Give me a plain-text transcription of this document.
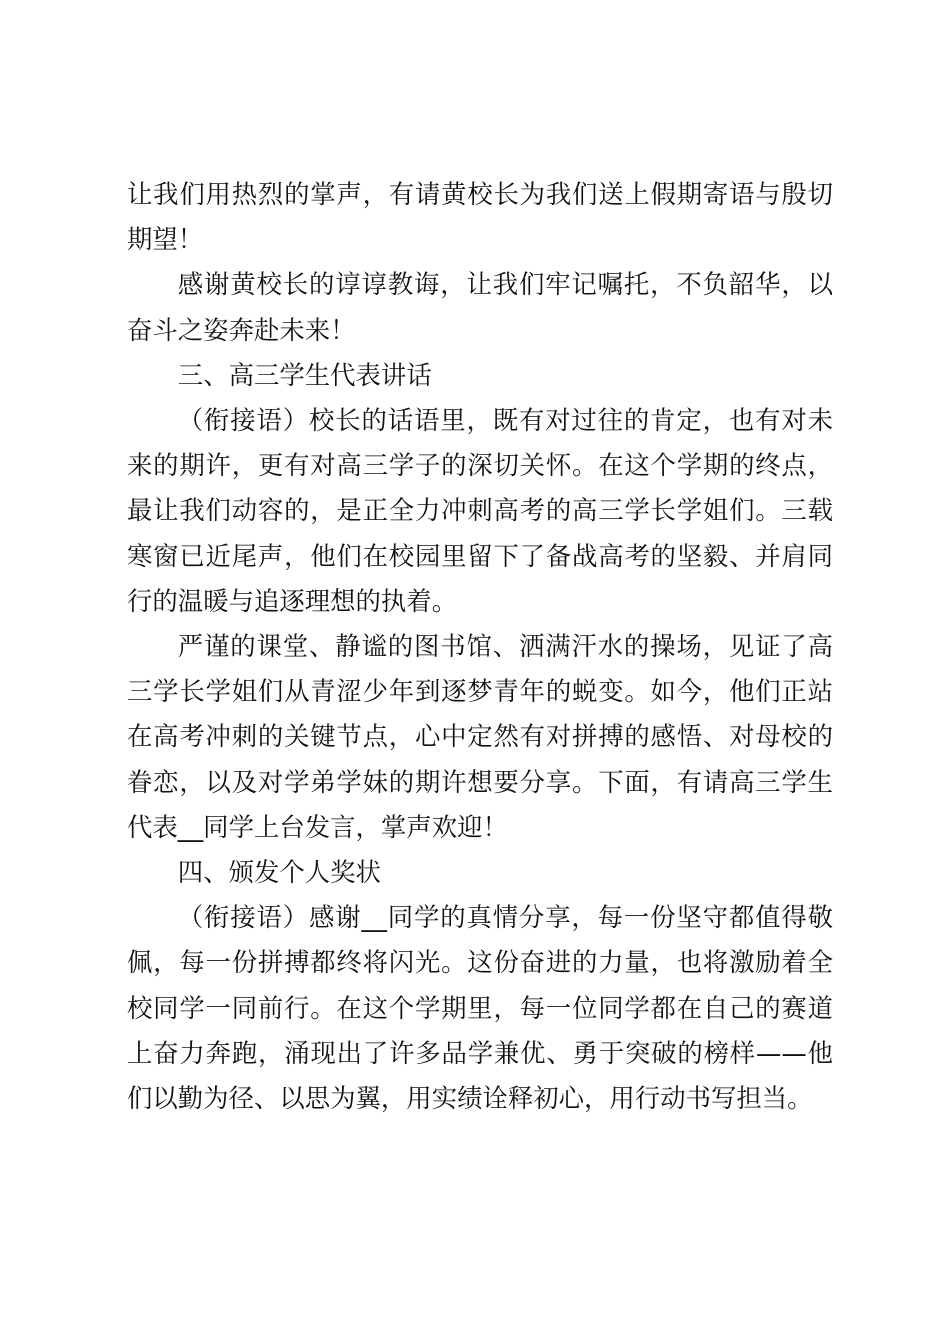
让我们用热烈的掌声，有请黄校长为我们送上假期寄语与殷切期望！

感谢黄校长的谆谆教诲，让我们牢记嘱托，不负韶华，以奋斗之姿奔赴未来！

三、高三学生代表讲话

（衔接语）校长的话语里，既有对过往的肯定，也有对未来的期许，更有对高三学子的深切关怀。在这个学期的终点，最让我们动容的，是正全力冲刺高考的高三学长学姐们。三载寒窗已近尾声，他们在校园里留下了备战高考的坚毅、并肩同行的温暖与追逐理想的执着。

严谨的课堂、静谧的图书馆、洒满汗水的操场，见证了高三学长学姐们从青涩少年到逐梦青年的蜕变。如今，他们正站在高考冲刺的关键节点，心中定然有对拼搏的感悟、对母校的眷恋，以及对学弟学妹的期许想要分享。下面，有请高三学生代表__同学上台发言，掌声欢迎！

四、颁发个人奖状

（衔接语）感谢__同学的真情分享，每一份坚守都值得敬佩，每一份拼搏都终将闪光。这份奋进的力量，也将激励着全校同学一同前行。在这个学期里，每一位同学都在自己的赛道上奋力奔跑，涌现出了许多品学兼优、勇于突破的榜样——他们以勤为径、以思为翼，用实绩诠释初心，用行动书写担当。
